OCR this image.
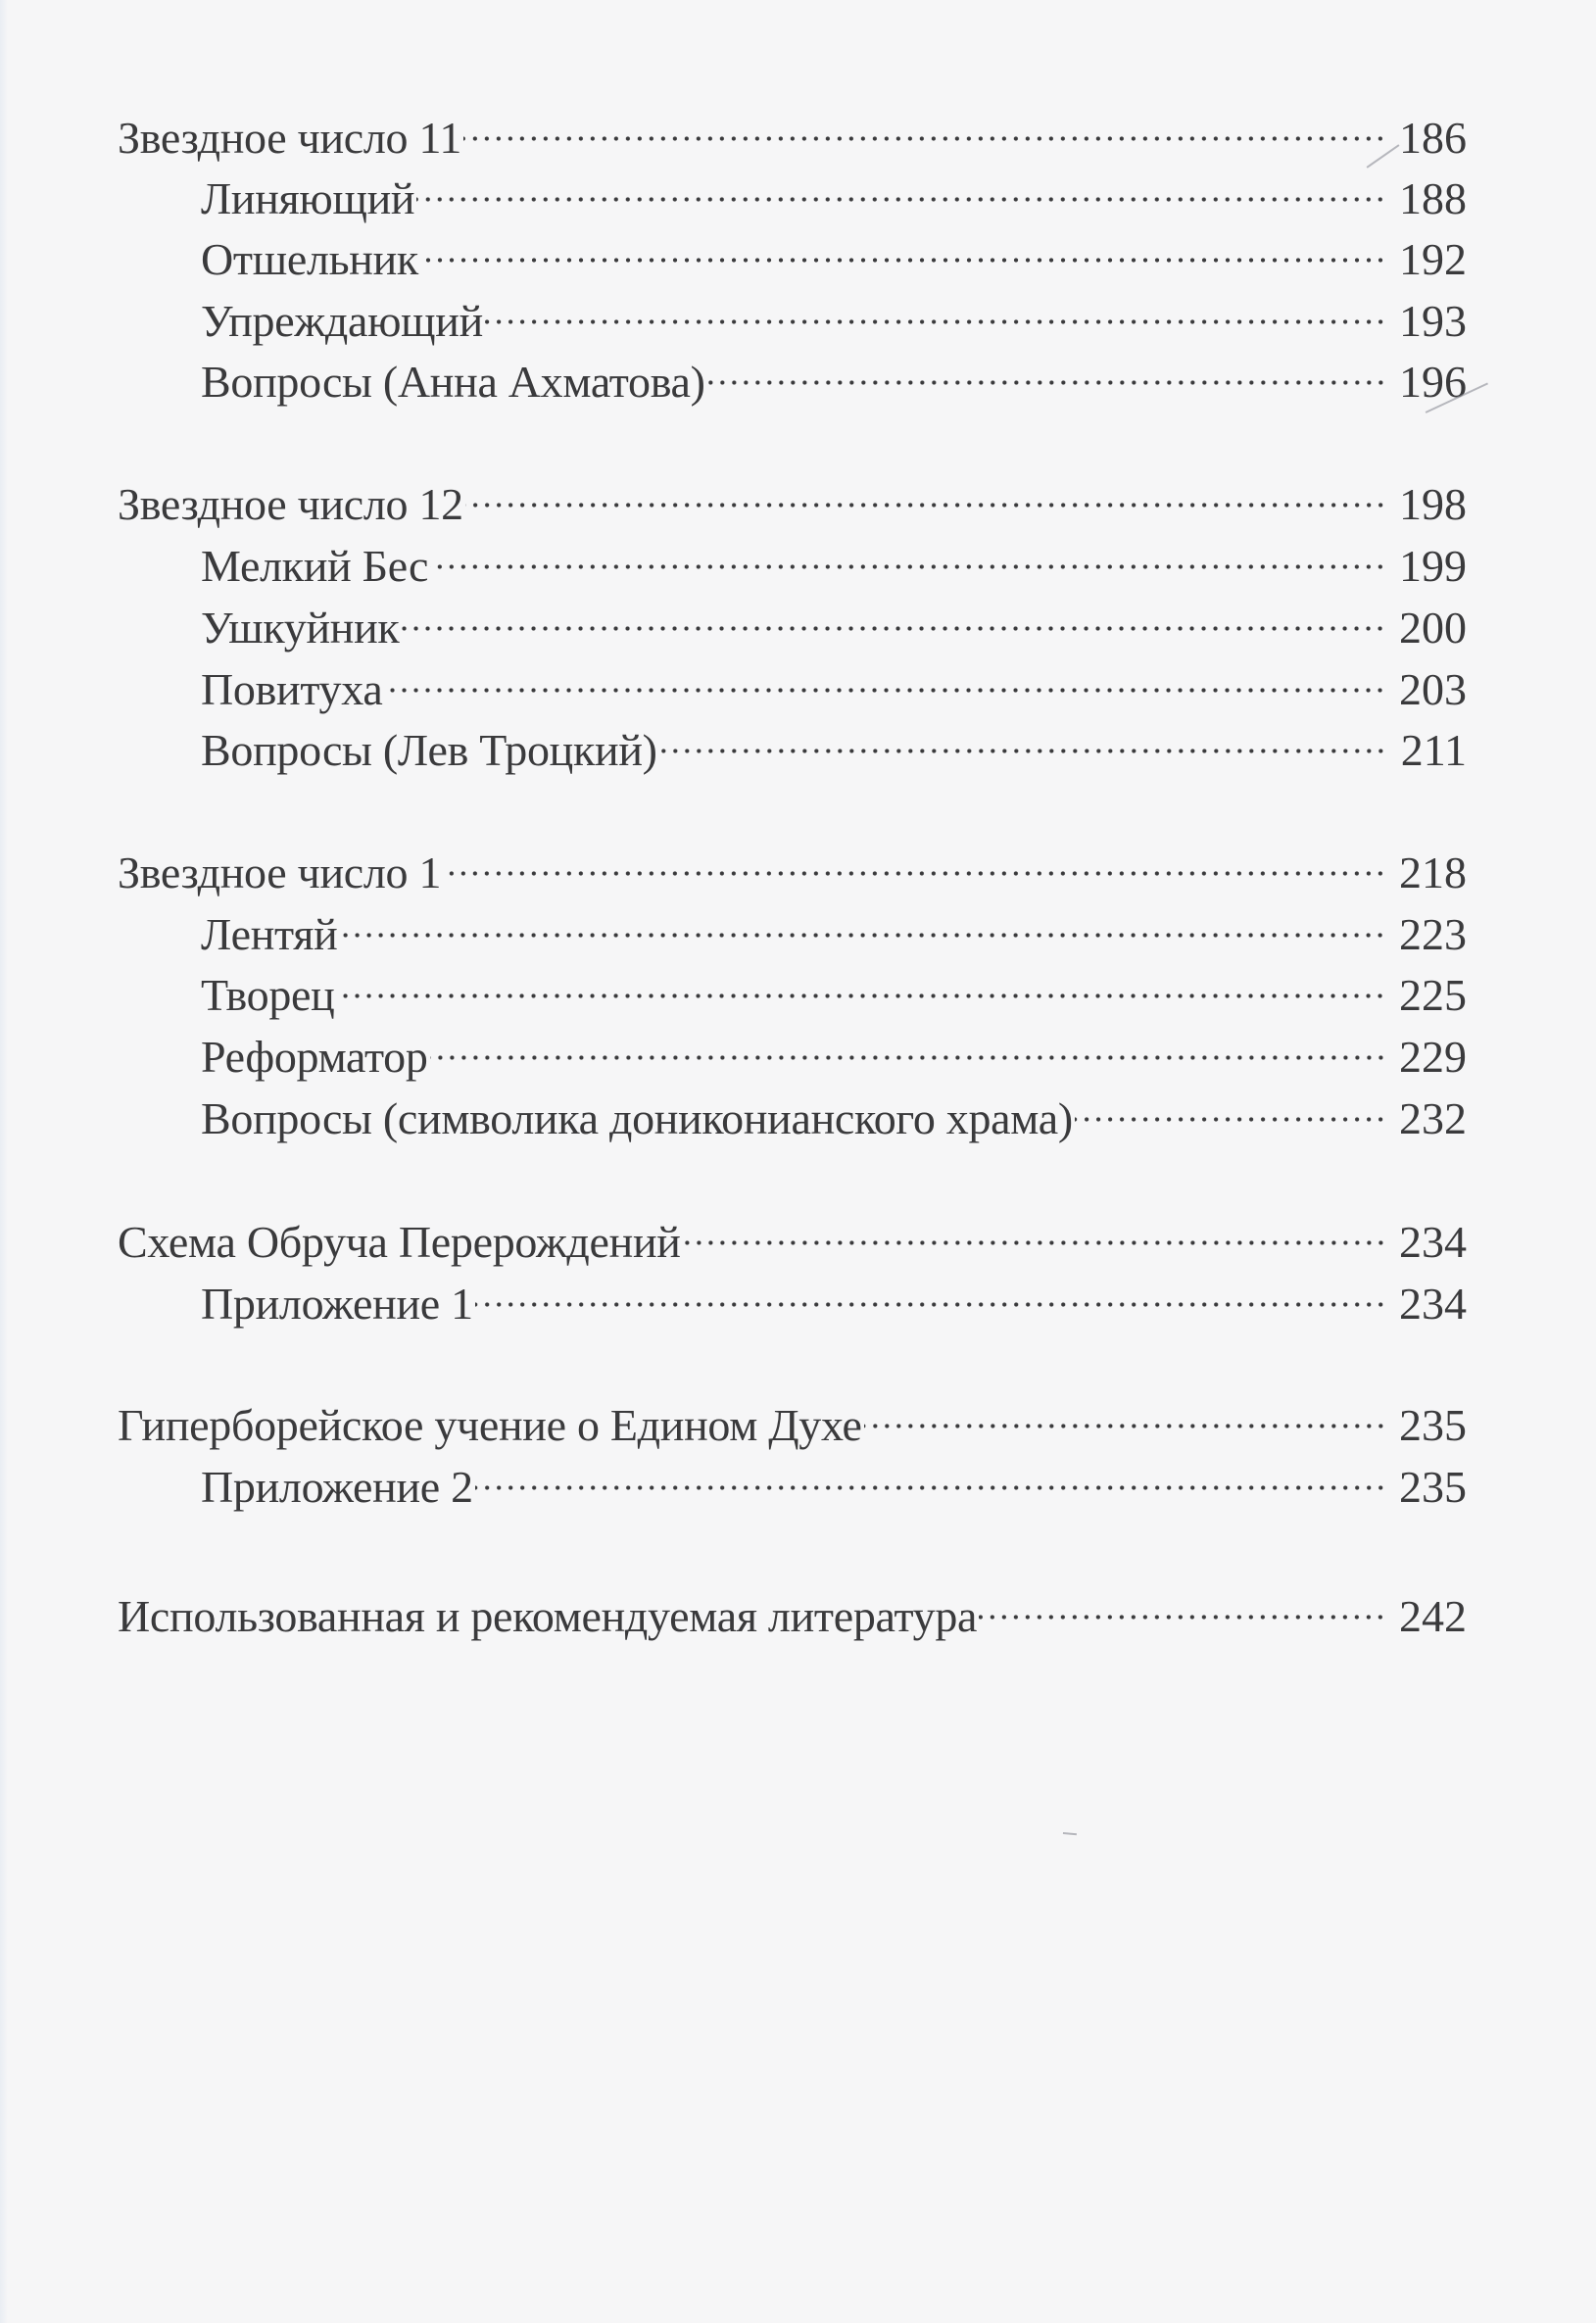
Звездное число 11	186
Линяющий	188
Отшельник	192
Упреждающий	193
Вопросы (Анна Ахматова)	196
Звездное число 12	198
Мелкий Бес	199
Ушкуйник	200
Повитуха	203
Вопросы (Лев Троцкий)	211
Звездное число 1	218
Лентяй	223
Творец	225
Реформатор	229
Вопросы (символика дониконианского храма)	232
Схема Обруча Перерождений	234
Приложение 1	234
Гиперборейское учение о Едином Духе	235
Приложение 2	235
Использованная и рекомендуемая литература	242
